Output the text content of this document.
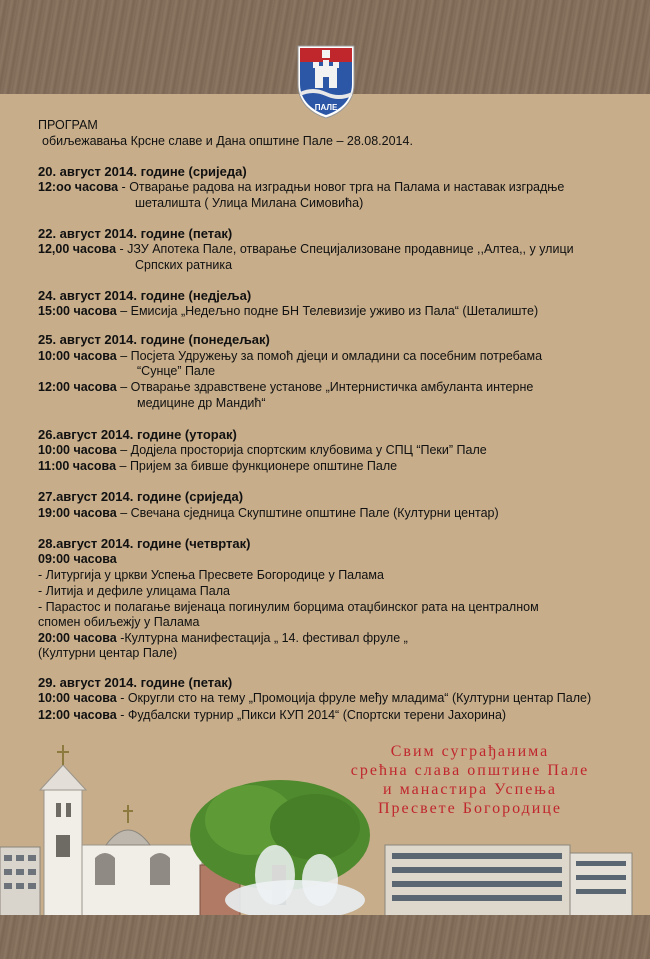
ПАЛЕ
ПРОГРАМ
обиљежавања Крсне славе и Дана општине Пале – 28.08.2014.
20. август 2014. године (сриједа)
12:oo часова - Отварање радова на изградњи новог трга на Палама и наставак изградње
шеталишта ( Улица Милана Симовића)
22. август 2014. године (петак)
12,00 часова - ЈЗУ Апотека Пале, отварање Специјализоване продавнице ,,Алтеа,, у улици
Српских ратника
24. август 2014. године (недјеља)
15:00 часова – Емисија „Недељно подне БН Телевизије уживо из Пала“ (Шеталиште)
25. август 2014. године (понедељак)
10:00 часова – Посјета Удружењу за помоћ дјеци и омладини са посебним потребама
“Сунце” Пале
12:00 часова – Отварање здравствене установе „Интернистичка амбуланта интерне
медицине др Мандић“
26.август 2014. године (уторак)
10:00 часова – Додјела просторија спортским клубовима у СПЦ “Пеки” Пале
11:00 часова – Пријем за бивше функционере општине Пале
27.август 2014. године (сриједа)
19:00 часова – Свечана сједница Скупштине општине Пале (Културни центар)
28.август 2014. године (четвртак)
09:00 часова
- Литургија у цркви Успења Пресвете Богородице у Палама
- Литија и дефиле улицама Пала
- Парастос и полагање вијенаца погинулим борцима отаџбинског рата на централном
спомен обиљежју у Палама
20:00 часова -Културна манифестација „ 14. фестивал фруле „
(Културни центар Пале)
29. август 2014. године (петак)
10:00 часова - Округли сто на тему „Промоција фруле међу младима“ (Културни центар Пале)
12:00 часова - Фудбалски турнир „Пикси КУП 2014“ (Спортски терени Јахорина)
Свим суграђанима
срећна слава општине Пале
и манастира Успења
Пресвете Богородице
